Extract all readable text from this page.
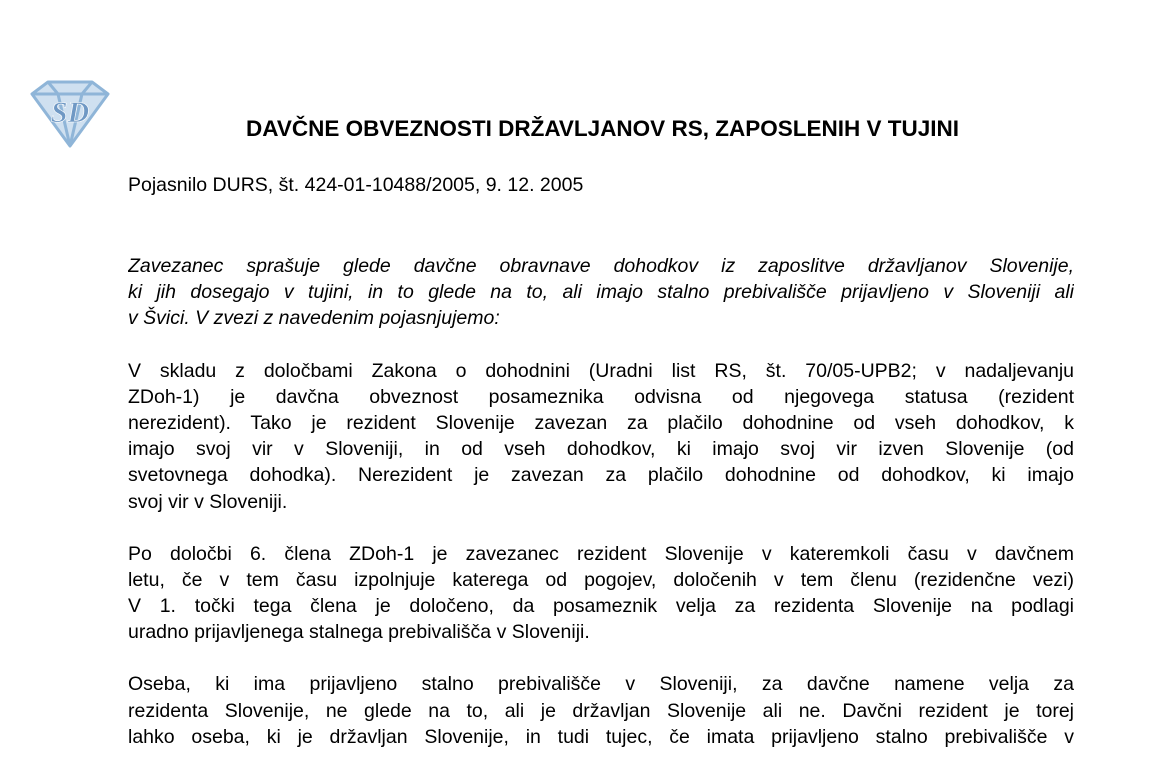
SD	DAVČNE OBVEZNOSTI DRŽAVLJANOV RS, ZAPOSLENIH V TUJINI
Pojasnilo DURS, št. 424-01-10488/2005, 9. 12. 2005
Zavezanec sprašuje glede davčne obravnave dohodkov iz zaposlitve državljanov Slovenije,
ki jih dosegajo v tujini, in to glede na to, ali imajo stalno prebivališče prijavljeno v Sloveniji ali
v Švici. V zvezi z navedenim pojasnjujemo:
V skladu z določbami Zakona o dohodnini (Uradni list RS, št. 70/05-UPB2; v nadaljevanju
ZDoh-1) je davčna obveznost posameznika odvisna od njegovega statusa (rezident
nerezident). Tako je rezident Slovenije zavezan za plačilo dohodnine od vseh dohodkov, k
imajo svoj vir v Sloveniji, in od vseh dohodkov, ki imajo svoj vir izven Slovenije (od
svetovnega dohodka). Nerezident je zavezan za plačilo dohodnine od dohodkov, ki imajo
svoj vir v Sloveniji.
Po določbi 6. člena ZDoh-1 je zavezanec rezident Slovenije v kateremkoli času v davčnem
letu, če v tem času izpolnjuje katerega od pogojev, določenih v tem členu (rezidenčne vezi)
V 1. točki tega člena je določeno, da posameznik velja za rezidenta Slovenije na podlagi
uradno prijavljenega stalnega prebivališča v Sloveniji.
Oseba, ki ima prijavljeno stalno prebivališče v Sloveniji, za davčne namene velja za
rezidenta Slovenije, ne glede na to, ali je državljan Slovenije ali ne. Davčni rezident je torej
lahko oseba, ki je državljan Slovenije, in tudi tujec, če imata prijavljeno stalno prebivališče v
